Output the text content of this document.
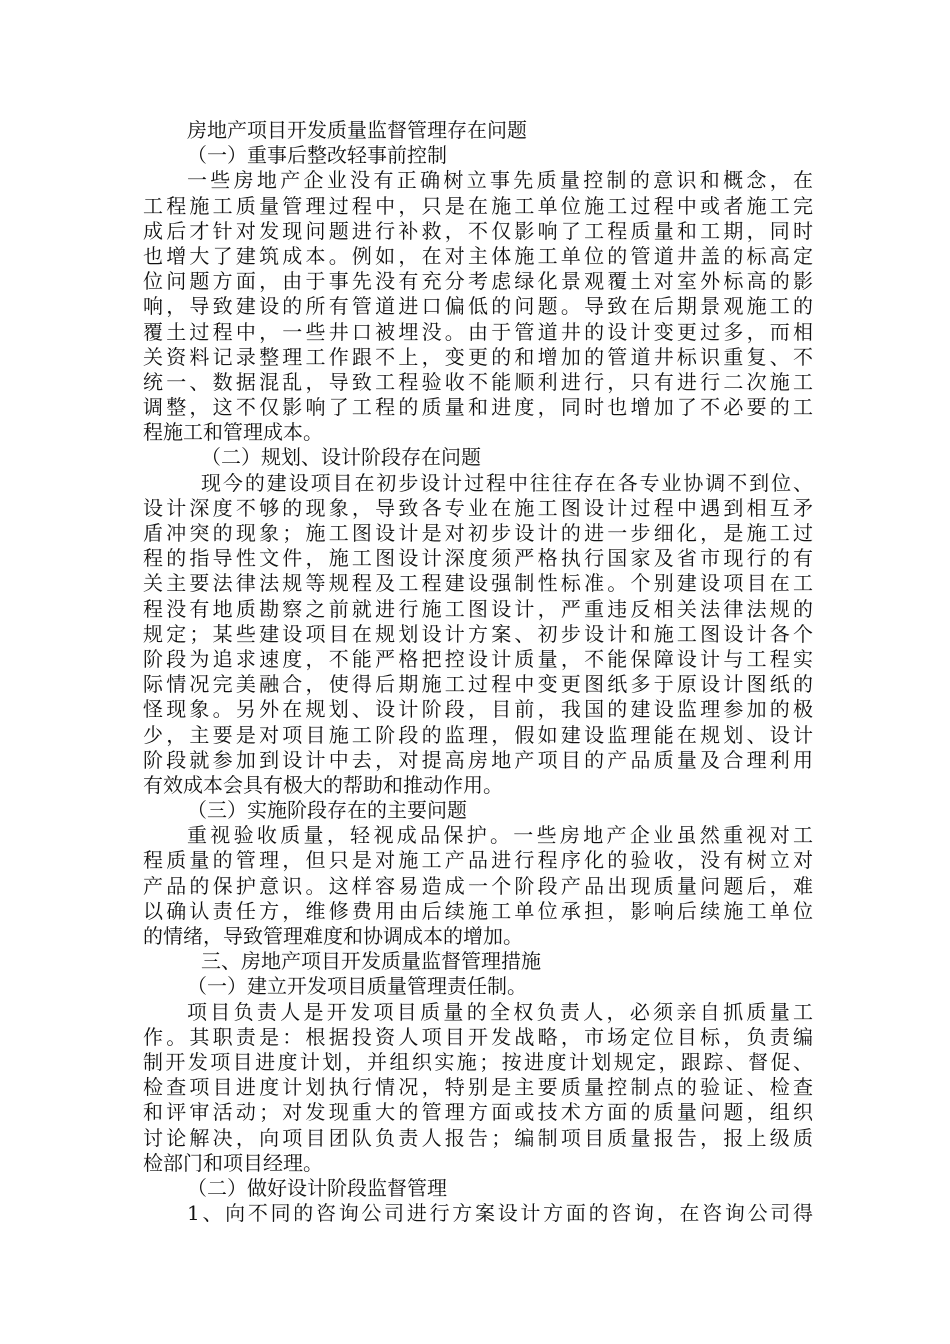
房地产项目开发质量监督管理存在问题
（一）重事后整改轻事前控制
一些房地产企业没有正确树立事先质量控制的意识和概念，在
工程施工质量管理过程中，只是在施工单位施工过程中或者施工完
成后才针对发现问题进行补救，不仅影响了工程质量和工期，同时
也增大了建筑成本。例如，在对主体施工单位的管道井盖的标高定
位问题方面，由于事先没有充分考虑绿化景观覆土对室外标高的影
响，导致建设的所有管道进口偏低的问题。导致在后期景观施工的
覆土过程中，一些井口被埋没。由于管道井的设计变更过多，而相
关资料记录整理工作跟不上，变更的和增加的管道井标识重复、不
统一、数据混乱，导致工程验收不能顺利进行，只有进行二次施工
调整，这不仅影响了工程的质量和进度，同时也增加了不必要的工
程施工和管理成本。
（二）规划、设计阶段存在问题
现今的建设项目在初步设计过程中往往存在各专业协调不到位、
设计深度不够的现象，导致各专业在施工图设计过程中遇到相互矛
盾冲突的现象；施工图设计是对初步设计的进一步细化，是施工过
程的指导性文件，施工图设计深度须严格执行国家及省市现行的有
关主要法律法规等规程及工程建设强制性标准。个别建设项目在工
程没有地质勘察之前就进行施工图设计，严重违反相关法律法规的
规定；某些建设项目在规划设计方案、初步设计和施工图设计各个
阶段为追求速度，不能严格把控设计质量，不能保障设计与工程实
际情况完美融合，使得后期施工过程中变更图纸多于原设计图纸的
怪现象。另外在规划、设计阶段，目前，我国的建设监理参加的极
少，主要是对项目施工阶段的监理，假如建设监理能在规划、设计
阶段就参加到设计中去，对提高房地产项目的产品质量及合理利用
有效成本会具有极大的帮助和推动作用。
（三）实施阶段存在的主要问题
重视验收质量，轻视成品保护。一些房地产企业虽然重视对工
程质量的管理，但只是对施工产品进行程序化的验收，没有树立对
产品的保护意识。这样容易造成一个阶段产品出现质量问题后，难
以确认责任方，维修费用由后续施工单位承担，影响后续施工单位
的情绪，导致管理难度和协调成本的增加。
三、房地产项目开发质量监督管理措施
（一）建立开发项目质量管理责任制。
项目负责人是开发项目质量的全权负责人，必须亲自抓质量工
作。其职责是：根据投资人项目开发战略，市场定位目标，负责编
制开发项目进度计划，并组织实施；按进度计划规定，跟踪、督促、
检查项目进度计划执行情况，特别是主要质量控制点的验证、检查
和评审活动；对发现重大的管理方面或技术方面的质量问题，组织
讨论解决，向项目团队负责人报告；编制项目质量报告，报上级质
检部门和项目经理。
（二）做好设计阶段监督管理
1、向不同的咨询公司进行方案设计方面的咨询，在咨询公司得
